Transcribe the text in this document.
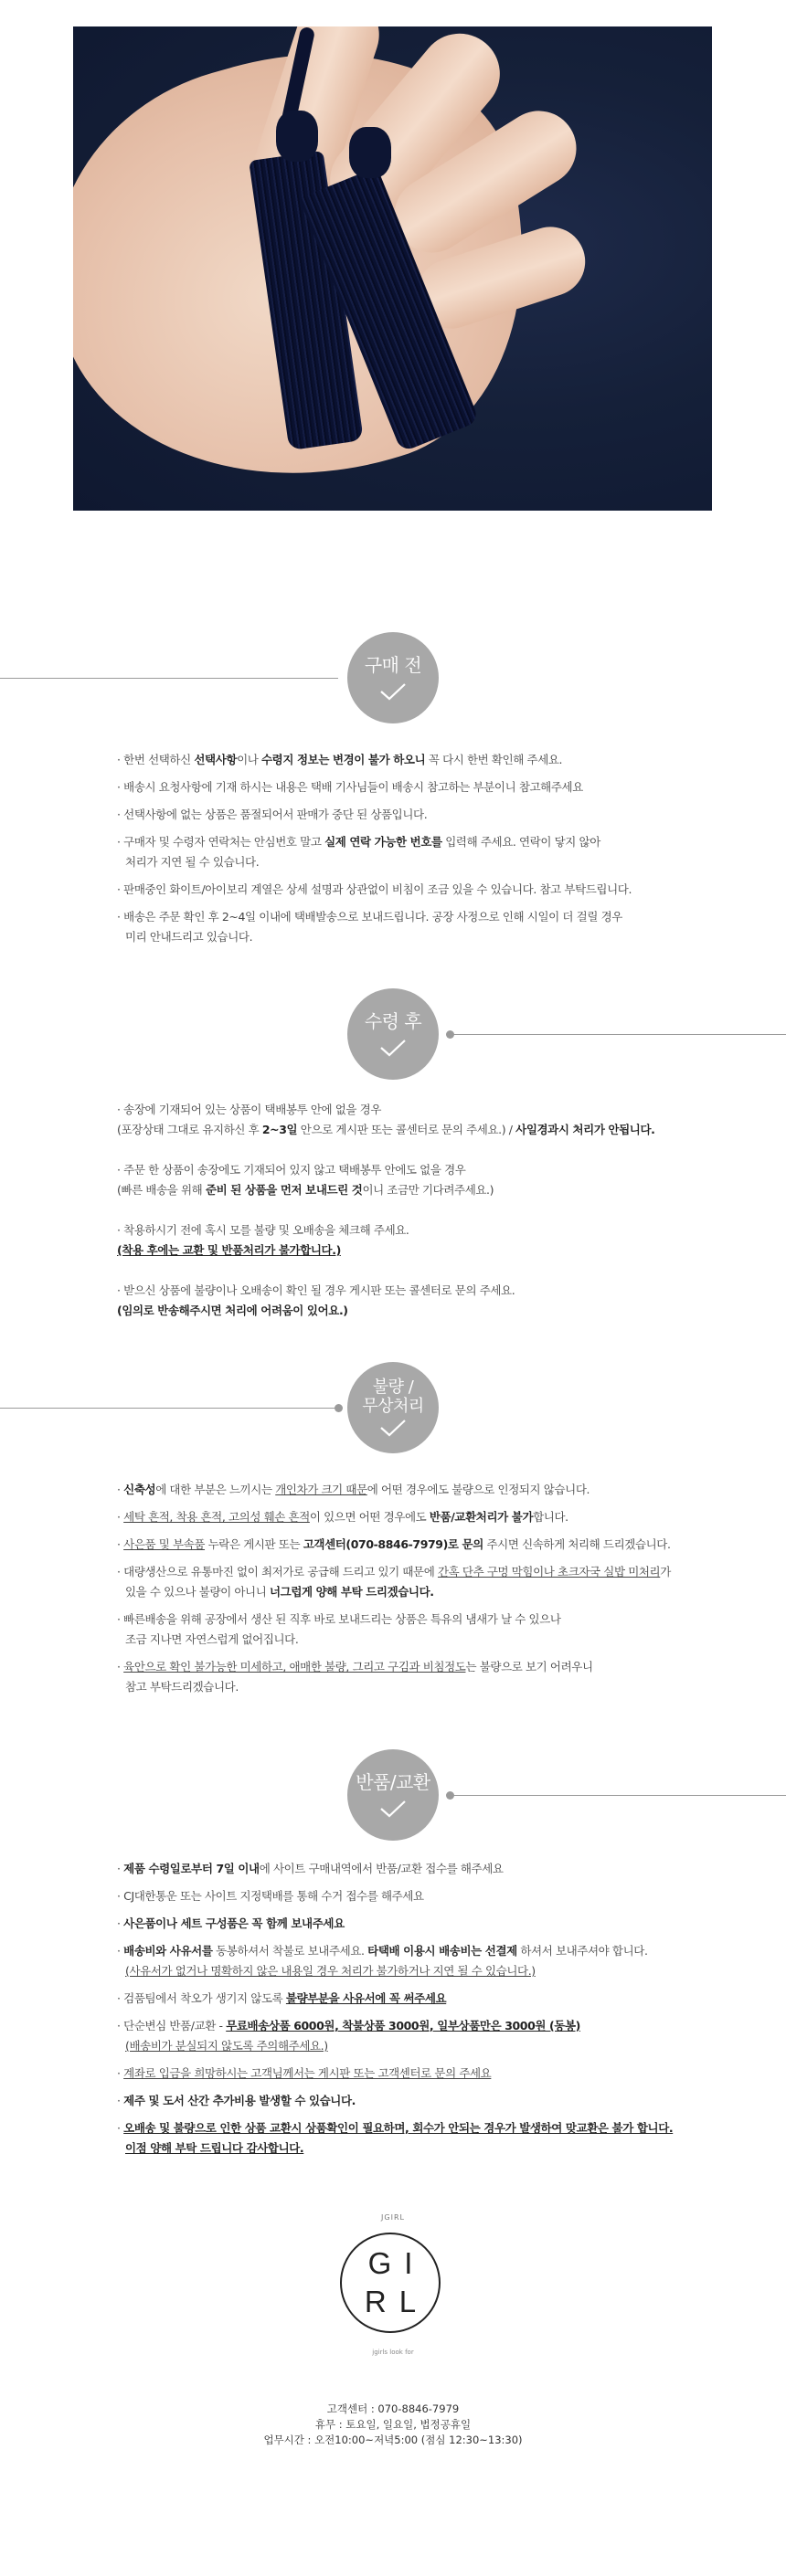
구매 전

· 한번 선택하신 선택사항이나 수령지 정보는 변경이 불가 하오니 꼭 다시 한번 확인해 주세요.

· 배송시 요청사항에 기재 하시는 내용은 택배 기사님들이 배송시 참고하는 부분이니 참고해주세요

· 선택사항에 없는 상품은 품절되어서 판매가 중단 된 상품입니다.

· 구매자 및 수령자 연락처는 안심번호 말고 실제 연락 가능한 번호를 입력해 주세요. 연락이 닿지 않아

처리가 지연 될 수 있습니다.

· 판매중인 화이트/아이보리 계열은 상세 설명과 상관없이 비침이 조금 있을 수 있습니다. 참고 부탁드립니다.

· 배송은 주문 확인 후 2~4일 이내에 택배발송으로 보내드립니다. 공장 사정으로 인해 시일이 더 걸릴 경우

미리 안내드리고 있습니다.

수령 후

· 송장에 기재되어 있는 상품이 택배봉투 안에 없을 경우

(포장상태 그대로 유지하신 후 2~3일 안으로 게시판 또는 콜센터로 문의 주세요.) / 사일경과시 처리가 안됩니다.

· 주문 한 상품이 송장에도 기재되어 있지 않고 택배봉투 안에도 없을 경우

(빠른 배송을 위해 준비 된 상품을 먼저 보내드린 것이니 조금만 기다려주세요.)

· 착용하시기 전에 혹시 모를 불량 및 오배송을 체크해 주세요.

(착용 후에는 교환 및 반품처리가 불가합니다.)

· 받으신 상품에 불량이나 오배송이 확인 될 경우 게시판 또는 콜센터로 문의 주세요.

(임의로 반송해주시면 처리에 어려움이 있어요.)

불량 /
무상처리

· 신축성에 대한 부분은 느끼시는 개인차가 크기 때문에 어떤 경우에도 불량으로 인정되지 않습니다.

· 세탁 흔적, 착용 흔적, 고의성 훼손 흔적이 있으면 어떤 경우에도 반품/교환처리가 불가합니다.

· 사은품 및 부속품 누락은 게시판 또는 고객센터(070-8846-7979)로 문의 주시면 신속하게 처리해 드리겠습니다.

· 대량생산으로 유통마진 없이 최저가로 공급해 드리고 있기 때문에 간혹 단추 구멍 막힘이나 초크자국 실밥 미처리가

있을 수 있으나 불량이 아니니 너그럽게 양해 부탁 드리겠습니다.

· 빠른배송을 위해 공장에서 생산 된 직후 바로 보내드리는 상품은 특유의 냄새가 날 수 있으나

조금 지나면 자연스럽게 없어집니다.

· 육안으로 확인 불가능한 미세하고, 애매한 불량, 그리고 구김과 비침정도는 불량으로 보기 어려우니

참고 부탁드리겠습니다.

반품/교환

· 제품 수령일로부터 7일 이내에 사이트 구매내역에서 반품/교환 접수를 해주세요

· CJ대한통운 또는 사이트 지정택배를 통해 수거 접수를 해주세요

· 사은품이나 세트 구성품은 꼭 함께 보내주세요

· 배송비와 사유서를 동봉하셔서 착불로 보내주세요. 타택배 이용시 배송비는 선결제 하셔서 보내주셔야 합니다.

(사유서가 없거나 명확하지 않은 내용일 경우 처리가 불가하거나 지연 될 수 있습니다.)

· 검품팀에서 착오가 생기지 않도록 불량부분을 사유서에 꼭 써주세요

· 단순변심 반품/교환 - 무료배송상품 6000원, 착불상품 3000원, 일부상품만은 3000원 (동봉)

(배송비가 분실되지 않도록 주의해주세요.)

· 계좌로 입금을 희망하시는 고객님께서는 게시판 또는 고객센터로 문의 주세요

· 제주 및 도서 산간 추가비용 발생할 수 있습니다.

· 오배송 및 불량으로 인한 상품 교환시 상품확인이 필요하며, 회수가 안되는 경우가 발생하여 맞교환은 불가 합니다.

이점 양해 부탁 드립니다 감사합니다.

JGIRL
GI
RL
jgirls look for
고객센터 : 070-8846-7979
휴무 : 토요일, 일요일, 법정공휴일
업무시간 : 오전10:00~저녁5:00 (점심 12:30~13:30)
